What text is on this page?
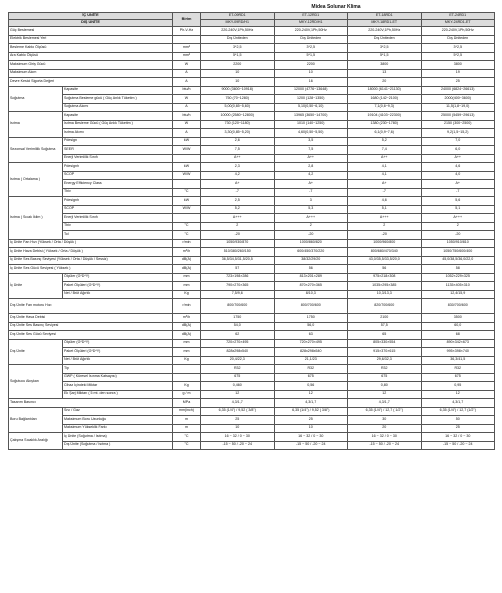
Midea Solunar Klima
İÇ ÜNİTE		Birim	ET-09RD1	ET-12RD1	ET-18RD1	ET-24RD1
DIŞ ÜNİTE			MKY-09RD/H1	MKY-12RD/H1	MKY-18RD1-ET	MKY-24RD1-ET
Güç Beslemesi		Ph-V-Hz	220-240V,1Ph,50Hz	220-240V,1Ph,50Hz	220-240V,1Ph,50Hz	220-240V,1Ph,50Hz
Elektrik Beslemesi Yeri			Dış Üniteden	Dış Üniteden	Dış Üniteden	Dış Üniteden
Besleme Kablo Ölçüsü		mm²	3*2,5	3*2,5	3*2,5	3*2,5
Ara Kablo Ölçüsü		mm²	5*1,5	5*1,5	5*1,5	5*2,5
Maksimum Giriş Gücü		W	2200	2200	3800	3800
Maksimum Akım		A	10	10	13	19
Devre Kesici Sigorta Değeri		A	10	16	20	25
Soğutma	Kapasite	btu/h	9000 (3600~10918)	12000 (4776~13648)	18000 (6141~21130)	24000 (6824~26613)
	Soğutma Besleme gücü ( Güç Anlık Tüketim )	W	750 (70~1280)	1200 (128~1350)	1680 (142~2100)	2000(400~3600)
	Soğutma Akımı	A	5,00(0,65~5,60)	5,10(0,50~6,10)	7,1(0,6~9,3)	11,5(1,8~19,0)
Isıtma	Kapasite	btu/h	10000 (2580~12800)	13965 (3650~14700)	19104 (4103~22300)	25000 (5459~29613)
	Isıtma Besleme Gücü ( Güç Anlık Tüketim )	W	730 (120~1180)	1010 (140~1250)	1380 (230~1780)	2150 (300~2500)
	Isıtma Akımı	A	3,30(0,85~5,20)	4,60(0,50~5,50)	6,1(0,9~7,6)	9,2(1,5~15,2)
Sezonsal Verimlilik Soğutma	Pdesign	kW	2,6	3,5	5,2	7,0
	SEER	W/W	7,5	7,5	7,4	6,0
	Enerji Verimlilik Sınıfı		A++	A++	A++	A++
Isıtma ( Ortalama )	Pdesignh	kW	2,3	2,8	4,1	4,6
	SCOP	W/W	4,2	4,2	4,1	4,0
	Energy Efficiency Class		A+	A+	A+	A+
	Tbiv	°C	-7	-7	-7	-7
Isıtma ( Sıcak İklim )	Pdesignh	kW	2,5	3	4,6	5,6
	SCOP	W/W	5,2	5,3	5,1	5,1
	Enerji Verimlilik Sınıfı		A+++	A+++	A+++	A+++
	Tbiv	°C	2	2	2	2
	Tol	°C	-20	-20	-20	-20
İç Ünite Fan Hızı (Yüksek / Orta / Düşük )		r/min	1050/930/870	1000/860/820	1000/960/800	1050/910/810
İç Ünite Hava Debisi ( Yüksek / Orta / Düşük )		m³/h	510/380/260/150	600/450/370/220	800/680/470/340	1050/750/600/400
İç Ünite Ses Basınç Seviyesi (Yüksek / Orta / Düşük / Sessiz)		dB(A)	36,5/34,5/31,5/20,5	38/32/29/20	43,0/35,5/33,5/20,0	45,0/38,5/36,0/22,0
İç Ünite Ses Gücü Seviyesi ( Yüksek )		dB(A)	57	56	56	58
İç Ünite	Ölçüler (G*D*Y)	mm	723×198×286	813×201×289	975×218×308	1052×229×325
	Paket Ölçüleri (G*D*Y)	mm	790×270×365	870×270×365	1035×295×385	1135×405×310
	Net / Brüt Ağırlık	Kg	7,5/9,6	8/10,3	10,3/13,3	12,4/15,9
Dış Ünite Fan motoru Hızı		r/min	800/700/600	800/700/600	820/700/600	830/700/600
Dış Ünite Hava Debisi		m³/h	1750	1750	2100	3500
Dış Ünite Ses Basınç Seviyesi		dB(A)	54,0	56,0	57,5	60,0
Dış Ünite Ses Gücü Seviyesi		dB(A)	62	63	65	68
Dış Ünite	Ölçüler (G*D*Y)	mm	720×270×495	720×270×495	805×330×554	890×342×673
	Paket Ölçüleri (G*D*Y)	mm	828x298x540	828x298x540	915×370×615	995×398×740
	Net / Brüt Ağırlık	Kg	20,4/22,3	21,1/23	29,6/32,3	36,3/41,5
Soğutucu Akışkan	Tip		R32	R32	R32	R32
	GWP ( Küresel Isınma Katsayısı)		675	675	675	675
	Cihaz İçindeki Miktar	Kg	0,460	0,56	0,80	0,95
	Ek Şarj Miktarı ( 5 mt. den sonra )	g / m	12	12	12	12
Tasarım Basıncı		MPa	4,3/1,7	4,3/1,7	4,3/1,7	4,3/1,7
Boru Bağlantıları	Sıvı / Gaz	mm(inch)	6,35 (1/4") / 9,52 ( 3/8")	6,35 (1/4") / 9,52 ( 3/8")	6,35 (1/4") / 12,7 ( 1/2")	6,35 (1/4") / 12,7 (1/2")
	Maksimum Boru Uzunluğu	m	25	25	30	50
	Maksimum Yükseklik Farkı	m	10	10	20	25
Çalışma Sıcaklık Aralığı	İç Ünite (Soğutma / Isıtma)	°C	16 ~ 32 / 0 ~ 30	16 ~ 32 / 0 ~ 30	16 ~ 32 / 0 ~ 30	16 ~ 32 / 0 ~ 30
	Dış Ünite (Soğutma / Isıtma )	°C	-15 ~ 50 / -20 ~ 24	-15 ~ 50 / -20 ~ 24	-15 ~ 50 / -20 ~ 24	-15 ~ 50 / -20 ~ 24
